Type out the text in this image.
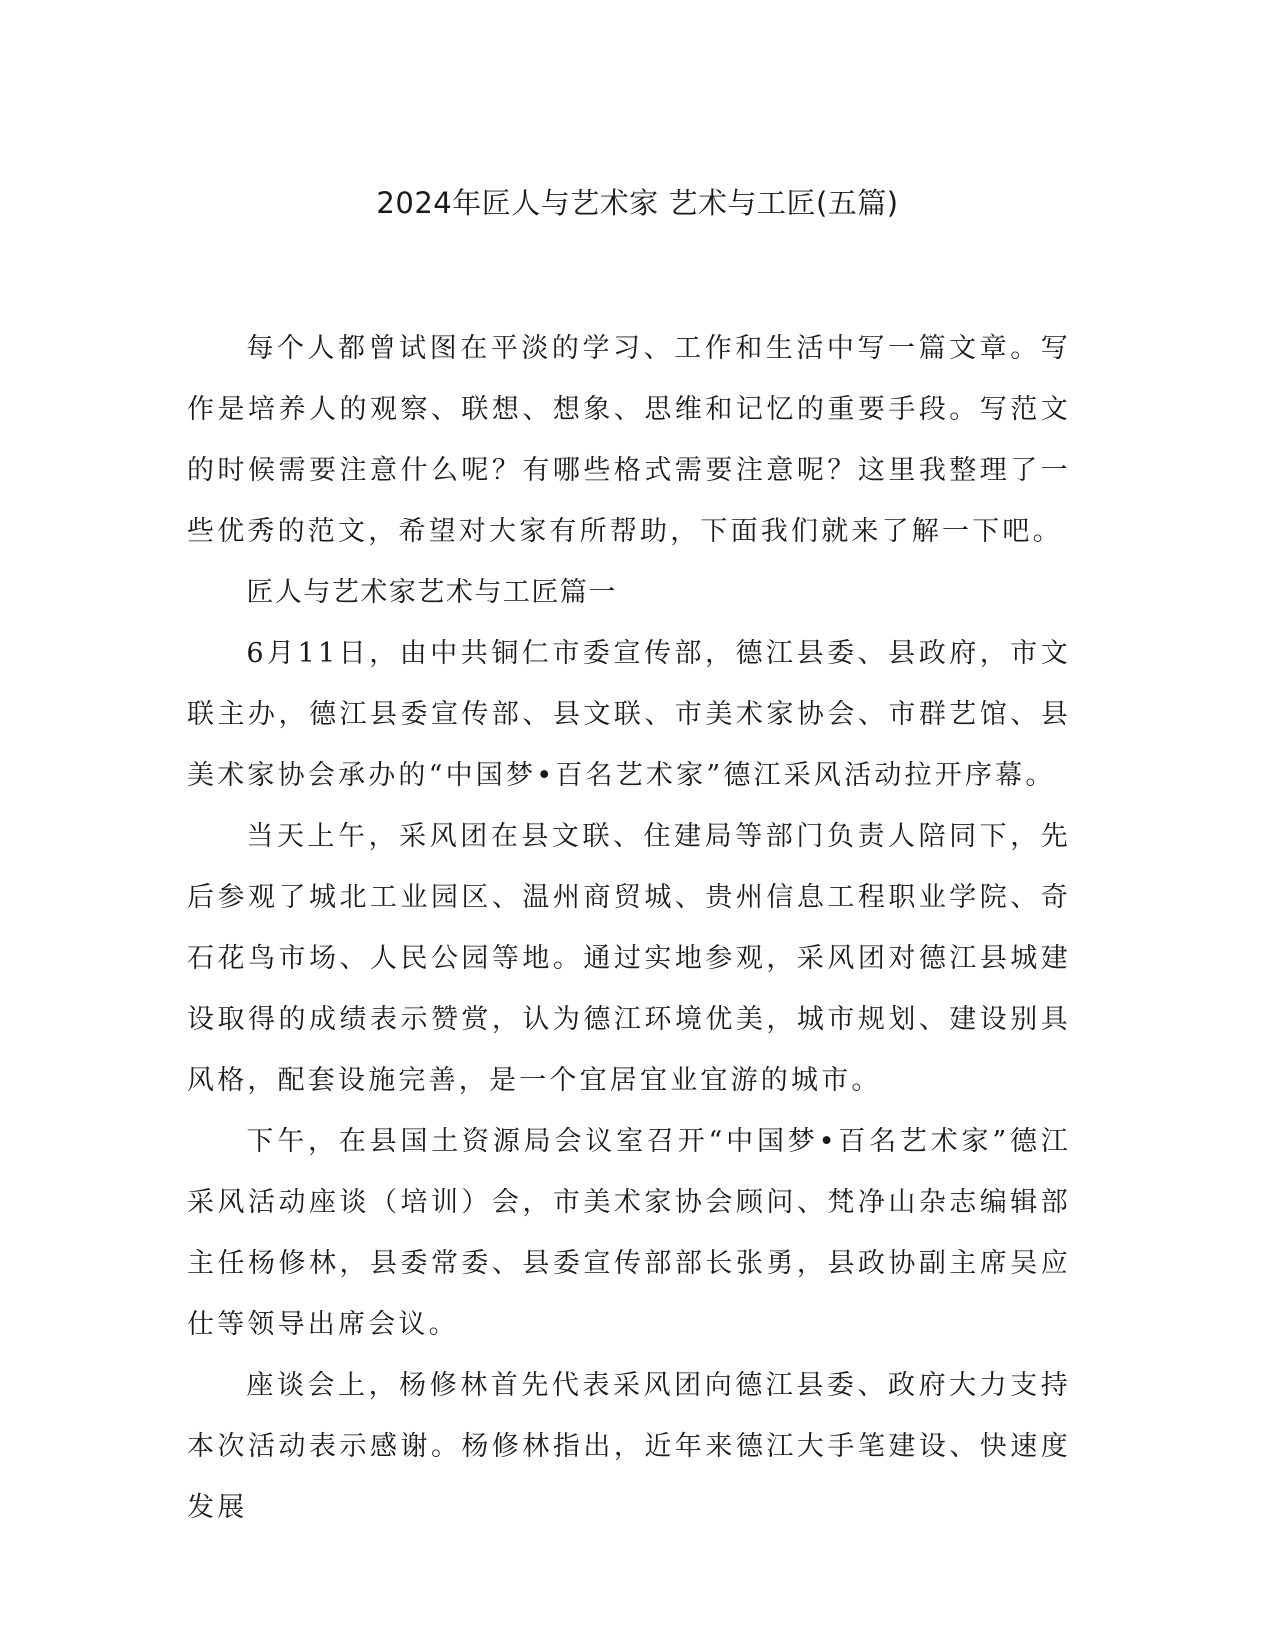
2024年匠人与艺术家 艺术与工匠(五篇)

每个人都曾试图在平淡的学习、工作和生活中写一篇文章。写作是培养人的观察、联想、想象、思维和记忆的重要手段。写范文的时候需要注意什么呢？有哪些格式需要注意呢？这里我整理了一些优秀的范文，希望对大家有所帮助，下面我们就来了解一下吧。

匠人与艺术家艺术与工匠篇一

6月11日，由中共铜仁市委宣传部，德江县委、县政府，市文联主办，德江县委宣传部、县文联、市美术家协会、市群艺馆、县美术家协会承办的“中国梦•百名艺术家”德江采风活动拉开序幕。

当天上午，采风团在县文联、住建局等部门负责人陪同下，先后参观了城北工业园区、温州商贸城、贵州信息工程职业学院、奇石花鸟市场、人民公园等地。通过实地参观，采风团对德江县城建设取得的成绩表示赞赏，认为德江环境优美，城市规划、建设别具风格，配套设施完善，是一个宜居宜业宜游的城市。

下午，在县国土资源局会议室召开“中国梦•百名艺术家”德江采风活动座谈（培训）会，市美术家协会顾问、梵净山杂志编辑部主任杨修林，县委常委、县委宣传部部长张勇，县政协副主席吴应仕等领导出席会议。

座谈会上，杨修林首先代表采风团向德江县委、政府大力支持本次活动表示感谢。杨修林指出，近年来德江大手笔建设、快速度发展
